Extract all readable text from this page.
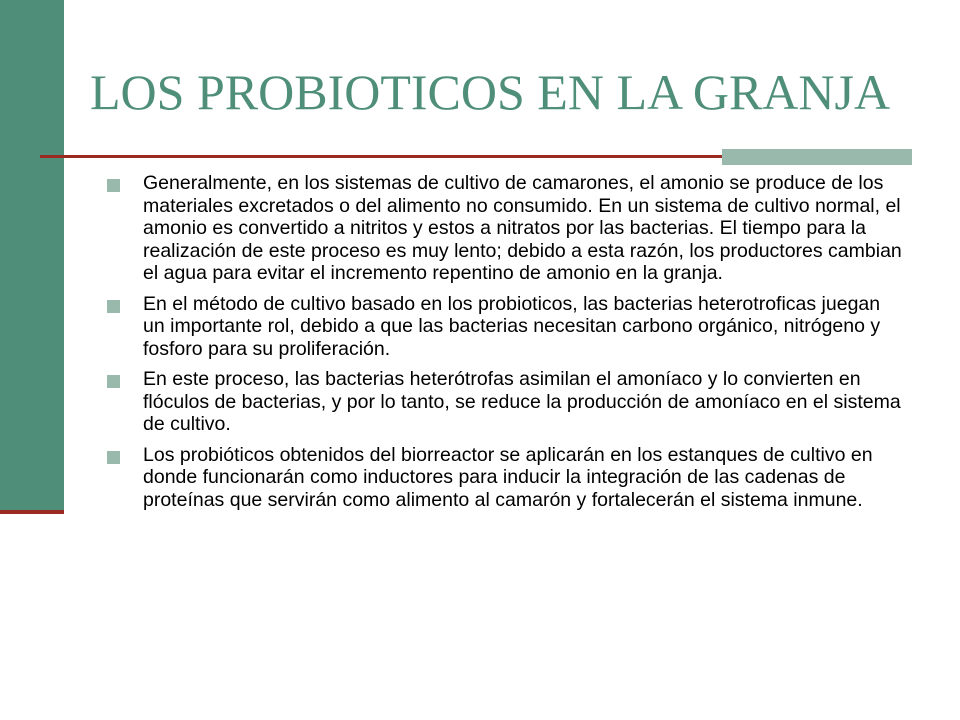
LOS PROBIOTICOS EN LA GRANJA
Generalmente, en los sistemas de cultivo de camarones, el amonio se produce de los materiales excretados o del alimento no consumido. En un sistema de cultivo normal, el amonio es convertido a nitritos y estos a nitratos por las bacterias. El tiempo para la realización de este proceso es muy lento; debido a esta razón, los productores cambian el agua para evitar el incremento repentino de amonio en la granja.
En el método de cultivo basado en los probioticos, las bacterias heterotroficas juegan un importante rol, debido a que las bacterias necesitan carbono orgánico, nitrógeno y fosforo para su proliferación.
En este proceso, las bacterias heterótrofas asimilan el amoníaco y lo convierten en flóculos de bacterias, y por lo tanto, se reduce la producción de amoníaco en el sistema de cultivo.
Los probióticos obtenidos del biorreactor se aplicarán en los estanques de cultivo en donde funcionarán como inductores para inducir la integración de las cadenas de proteínas que servirán como alimento al camarón y fortalecerán el sistema inmune.
